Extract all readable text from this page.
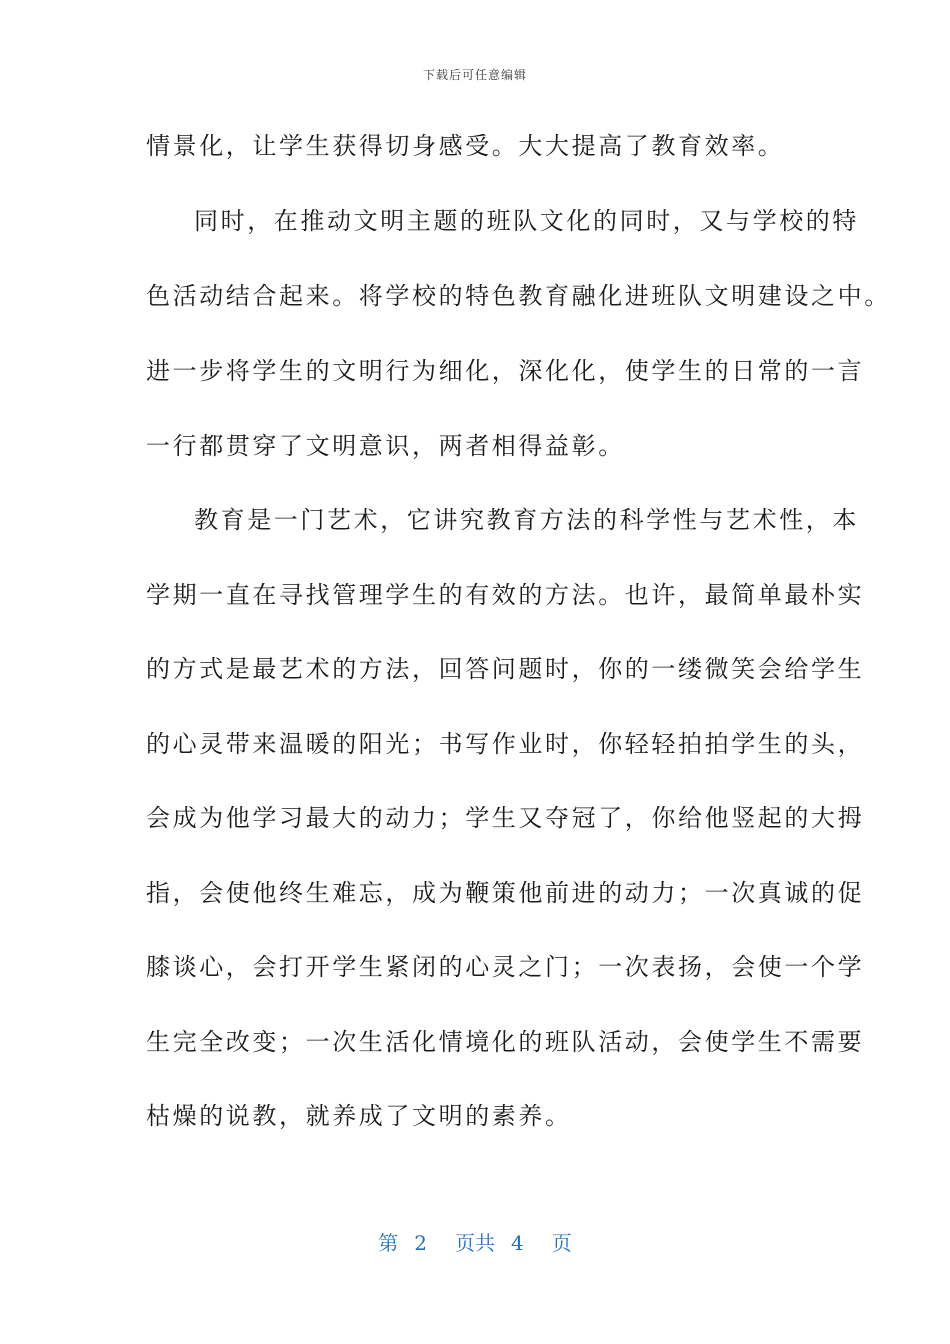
下载后可任意编辑
情景化，让学生获得切身感受。大大提高了教育效率。
同时，在推动文明主题的班队文化的同时，又与学校的特
色活动结合起来。将学校的特色教育融化进班队文明建设之中。
进一步将学生的文明行为细化，深化化，使学生的日常的一言
一行都贯穿了文明意识，两者相得益彰。
教育是一门艺术，它讲究教育方法的科学性与艺术性，本
学期一直在寻找管理学生的有效的方法。也许，最简单最朴实
的方式是最艺术的方法，回答问题时，你的一缕微笑会给学生
的心灵带来温暖的阳光；书写作业时，你轻轻拍拍学生的头，
会成为他学习最大的动力；学生又夺冠了，你给他竖起的大拇
指，会使他终生难忘，成为鞭策他前进的动力；一次真诚的促
膝谈心，会打开学生紧闭的心灵之门；一次表扬，会使一个学
生完全改变；一次生活化情境化的班队活动，会使学生不需要
枯燥的说教，就养成了文明的素养。
第 2 页共 4 页
